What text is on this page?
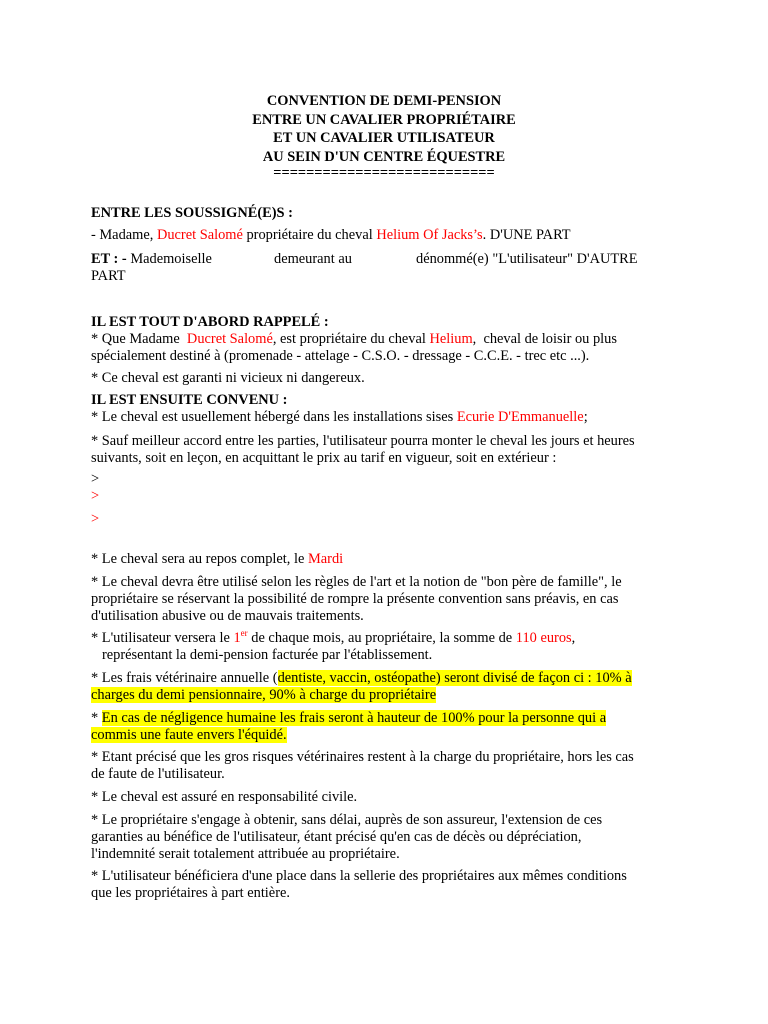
CONVENTION DE DEMI-PENSION
ENTRE UN CAVALIER PROPRIÉTAIRE
ET UN CAVALIER UTILISATEUR
AU SEIN D'UN CENTRE ÉQUESTRE
===========================
ENTRE LES SOUSSIGNÉ(E)S :
- Madame, Ducret Salomé propriétaire du cheval Helium Of Jacks’s. D'UNE PART
ET : - Mademoiselle	demeurant au	dénommé(e) "L'utilisateur" D'AUTRE
PART
IL EST TOUT D'ABORD RAPPELÉ :
* Que Madame  Ducret Salomé, est propriétaire du cheval Helium,  cheval de loisir ou plus
spécialement destiné à (promenade - attelage - C.S.O. - dressage - C.C.E. - trec etc ...).
* Ce cheval est garanti ni vicieux ni dangereux.
IL EST ENSUITE CONVENU :
* Le cheval est usuellement hébergé dans les installations sises Ecurie D'Emmanuelle;
* Sauf meilleur accord entre les parties, l'utilisateur pourra monter le cheval les jours et heures
suivants, soit en leçon, en acquittant le prix au tarif en vigueur, soit en extérieur :
>
>
>
* Le cheval sera au repos complet, le Mardi
* Le cheval devra être utilisé selon les règles de l'art et la notion de "bon père de famille", le
propriétaire se réservant la possibilité de rompre la présente convention sans préavis, en cas
d'utilisation abusive ou de mauvais traitements.
* L'utilisateur versera le 1er de chaque mois, au propriétaire, la somme de 110 euros,
représentant la demi-pension facturée par l'établissement.
* Les frais vétérinaire annuelle (dentiste, vaccin, ostéopathe) seront divisé de façon ci : 10% à
charges du demi pensionnaire, 90% à charge du propriétaire
* En cas de négligence humaine les frais seront à hauteur de 100% pour la personne qui a
commis une faute envers l'équidé.
* Etant précisé que les gros risques vétérinaires restent à la charge du propriétaire, hors les cas
de faute de l'utilisateur.
* Le cheval est assuré en responsabilité civile.
* Le propriétaire s'engage à obtenir, sans délai, auprès de son assureur, l'extension de ces
garanties au bénéfice de l'utilisateur, étant précisé qu'en cas de décès ou dépréciation,
l'indemnité serait totalement attribuée au propriétaire.
* L'utilisateur bénéficiera d'une place dans la sellerie des propriétaires aux mêmes conditions
que les propriétaires à part entière.
